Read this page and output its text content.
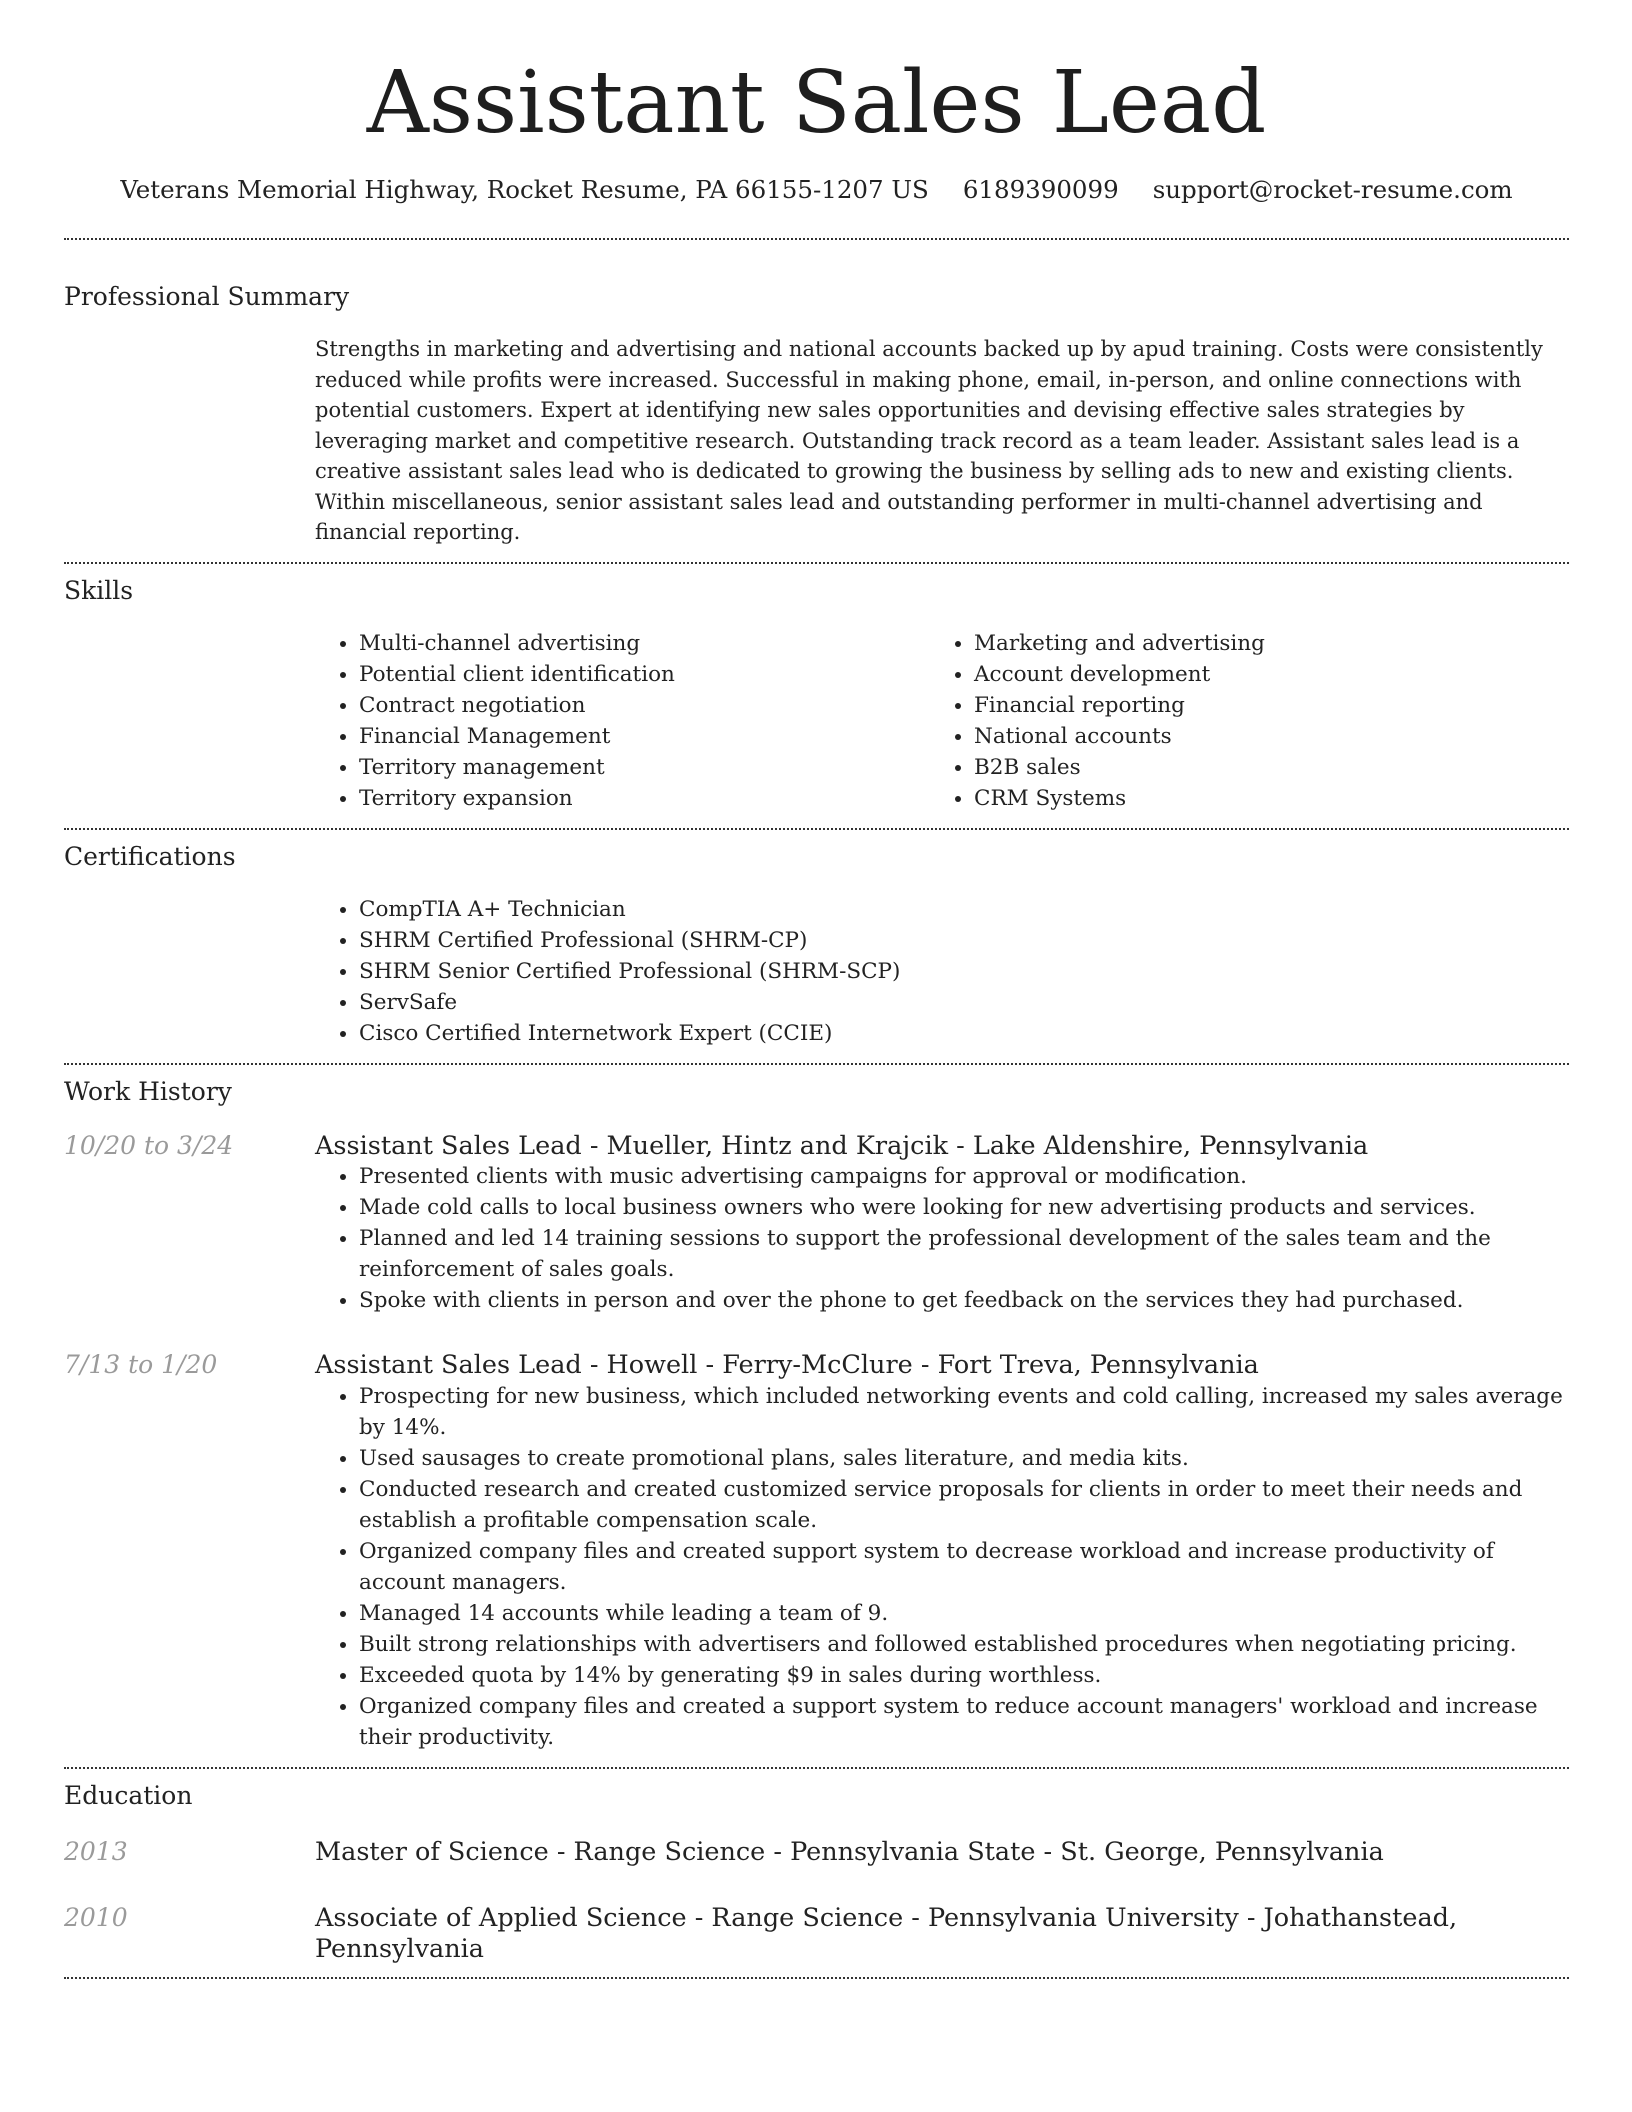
Assistant Sales Lead
Veterans Memorial Highway, Rocket Resume, PA 66155-1207 US 6189390099 support@rocket-resume.com
Professional Summary

Strengths in marketing and advertising and national accounts backed up by apud training. Costs were consistently reduced while profits were increased. Successful in making phone, email, in-person, and online connections with potential customers. Expert at identifying new sales opportunities and devising effective sales strategies by leveraging market and competitive research. Outstanding track record as a team leader. Assistant sales lead is a creative assistant sales lead who is dedicated to growing the business by selling ads to new and existing clients. Within miscellaneous, senior assistant sales lead and outstanding performer in multi-channel advertising and financial reporting.

Skills
• Multi-channel advertising
• Potential client identification
• Contract negotiation
• Financial Management
• Territory management
• Territory expansion
• Marketing and advertising
• Account development
• Financial reporting
• National accounts
• B2B sales
• CRM Systems
Certifications
• CompTIA A+ Technician
• SHRM Certified Professional (SHRM-CP)
• SHRM Senior Certified Professional (SHRM-SCP)
• ServSafe
• Cisco Certified Internetwork Expert (CCIE)
Work History
10/20 to 3/24	Assistant Sales Lead - Mueller, Hintz and Krajcik - Lake Aldenshire, Pennsylvania
• Presented clients with music advertising campaigns for approval or modification.
• Made cold calls to local business owners who were looking for new advertising products and services.
• Planned and led 14 training sessions to support the professional development of the sales team and the reinforcement of sales goals.
• Spoke with clients in person and over the phone to get feedback on the services they had purchased.
7/13 to 1/20	Assistant Sales Lead - Howell - Ferry-McClure - Fort Treva, Pennsylvania
• Prospecting for new business, which included networking events and cold calling, increased my sales average by 14%.
• Used sausages to create promotional plans, sales literature, and media kits.
• Conducted research and created customized service proposals for clients in order to meet their needs and establish a profitable compensation scale.
• Organized company files and created support system to decrease workload and increase productivity of account managers.
• Managed 14 accounts while leading a team of 9.
• Built strong relationships with advertisers and followed established procedures when negotiating pricing.
• Exceeded quota by 14% by generating $9 in sales during worthless.
• Organized company files and created a support system to reduce account managers' workload and increase their productivity.
Education
2013	Master of Science - Range Science - Pennsylvania State - St. George, Pennsylvania
2010	Associate of Applied Science - Range Science - Pennsylvania University - Johathanstead, Pennsylvania
